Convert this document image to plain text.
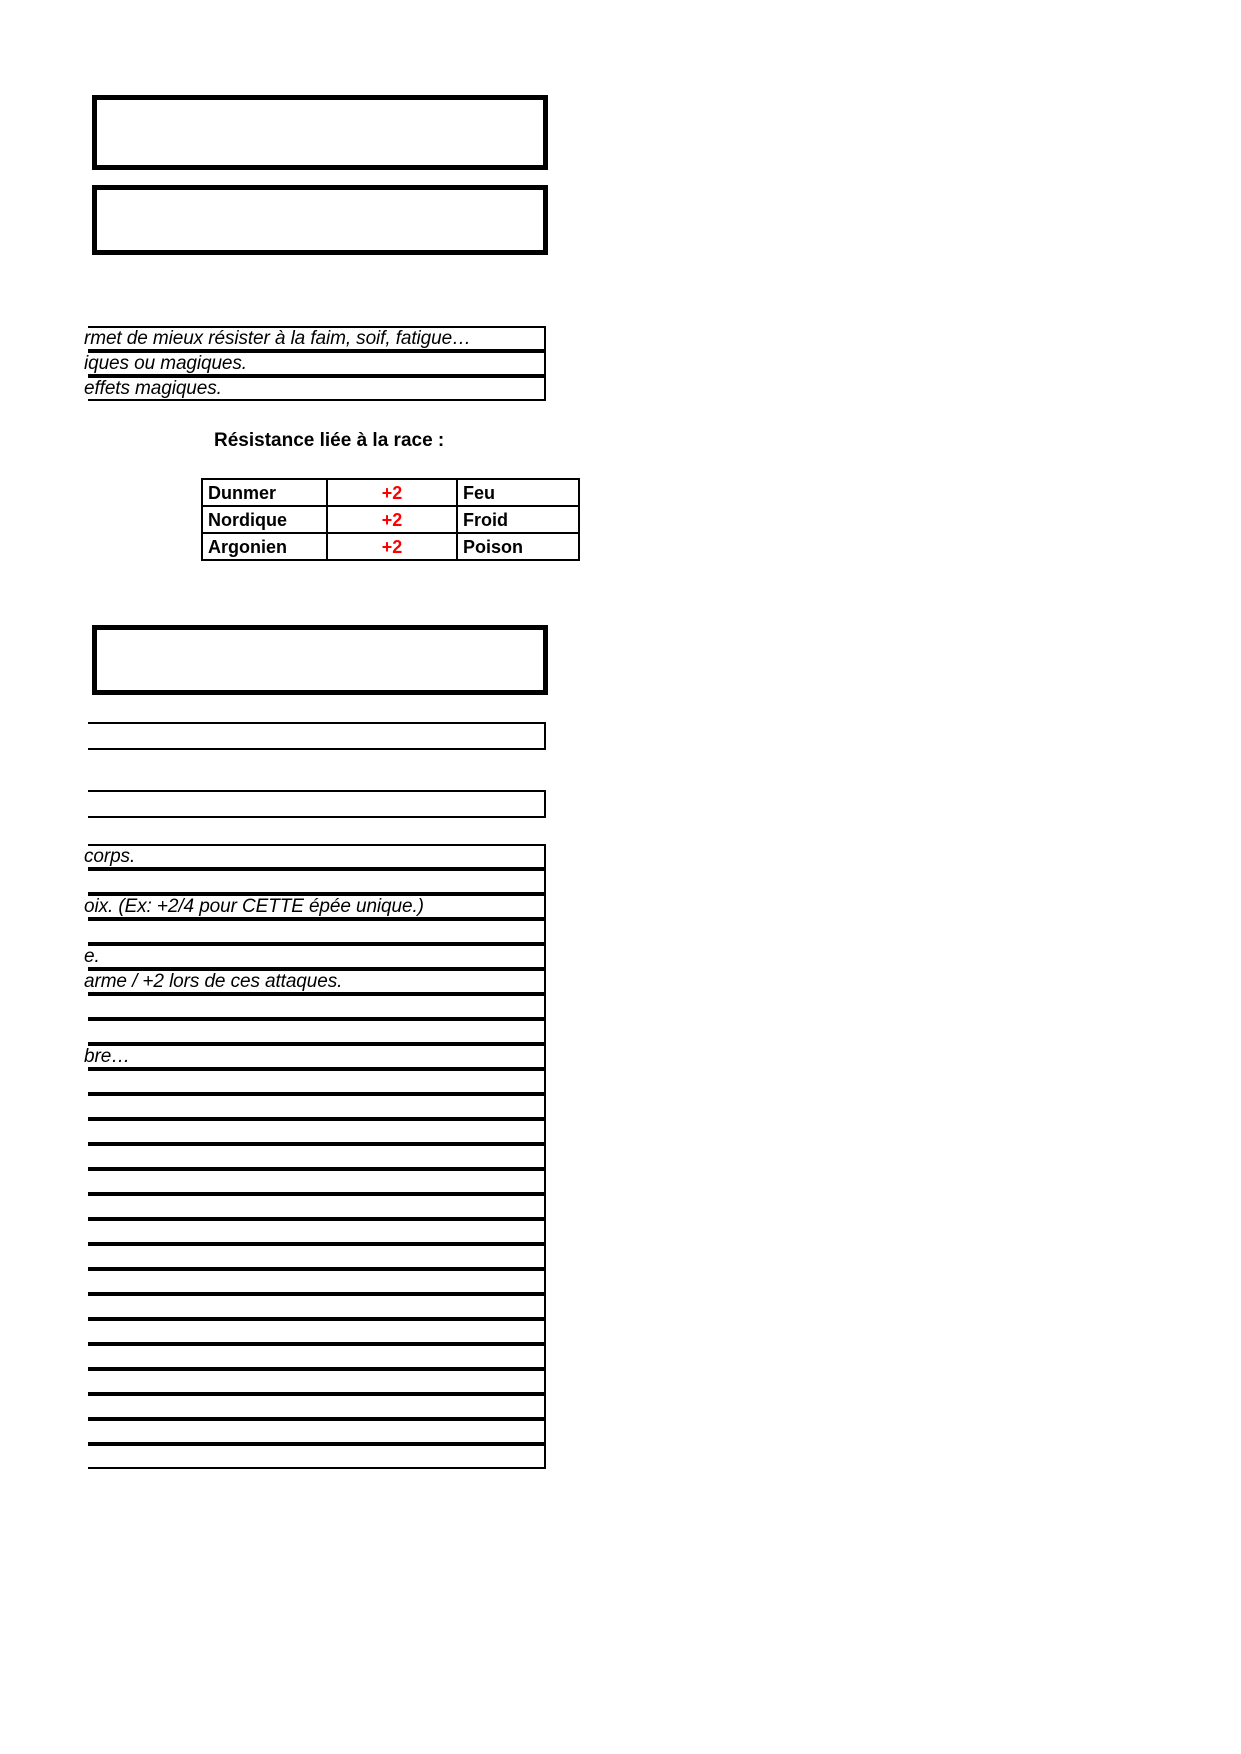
rmet de mieux résister à la faim, soif, fatigue…
iques ou magiques.
effets magiques.
Résistance liée à la race :
Dunmer	+2	Feu
Nordique	+2	Froid
Argonien	+2	Poison
corps.
oix. (Ex: +2/4 pour CETTE épée unique.)
e.
arme / +2 lors de ces attaques.
bre…
